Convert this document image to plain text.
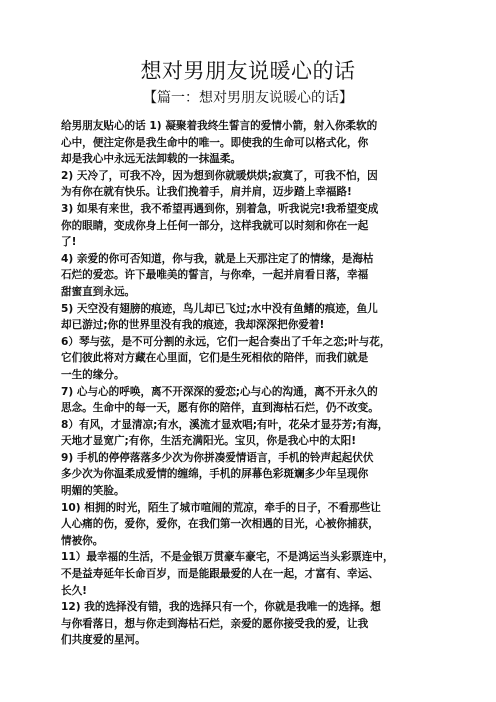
想对男朋友说暖心的话
【篇一：想对男朋友说暖心的话】
给男朋友贴心的话 1) 凝聚着我终生誓言的爱情小箭，射入你柔软的
心中，便注定你是我生命中的唯一。即使我的生命可以格式化，你
却是我心中永远无法卸载的一抹温柔。
2) 天冷了，可我不冷，因为想到你就暖烘烘;寂寞了，可我不怕，因
为有你在就有快乐。让我们挽着手，肩并肩，迈步踏上幸福路!
3) 如果有来世，我不希望再遇到你，别着急，听我说完!我希望变成
你的眼睛，变成你身上任何一部分，这样我就可以时刻和你在一起
了!
4) 亲爱的你可否知道，你与我，就是上天那注定了的情缘，是海枯
石烂的爱恋。许下最唯美的誓言，与你牵，一起并肩看日落，幸福
甜蜜直到永远。
5) 天空没有翅膀的痕迹，鸟儿却已飞过;水中没有鱼鳍的痕迹，鱼儿
却已游过;你的世界里没有我的痕迹，我却深深把你爱着!
6）琴与弦，是不可分割的永远，它们一起合奏出了千年之恋;叶与花，
它们彼此将对方藏在心里面，它们是生死相依的陪伴，而我们就是
一生的缘分。
7) 心与心的呼唤，离不开深深的爱恋;心与心的沟通，离不开永久的
思念。生命中的每一天，愿有你的陪伴，直到海枯石烂，仍不改变。
8）有风，才显清凉;有水，溪流才显欢唱;有叶，花朵才显芬芳;有海，
天地才显宽广;有你，生活充满阳光。宝贝，你是我心中的太阳!
9) 手机的停停落落多少次为你拼凑爱情语言，手机的铃声起起伏伏
多少次为你温柔成爱情的缠绵，手机的屏幕色彩斑斓多少年呈现你
明媚的笑脸。
10) 相拥的时光，陌生了城市喧闹的荒凉，牵手的日子，不看那些让
人心痛的伤，爱你，爱你，在我们第一次相遇的目光，心被你捕获，
情被你。
11）最幸福的生活，不是金银万贯豪车豪宅，不是鸿运当头彩票连中，
不是益寿延年长命百岁，而是能跟最爱的人在一起，才富有、幸运、
长久!
12) 我的选择没有错，我的选择只有一个，你就是我唯一的选择。想
与你看落日，想与你走到海枯石烂，亲爱的愿你接受我的爱，让我
们共度爱的星河。
